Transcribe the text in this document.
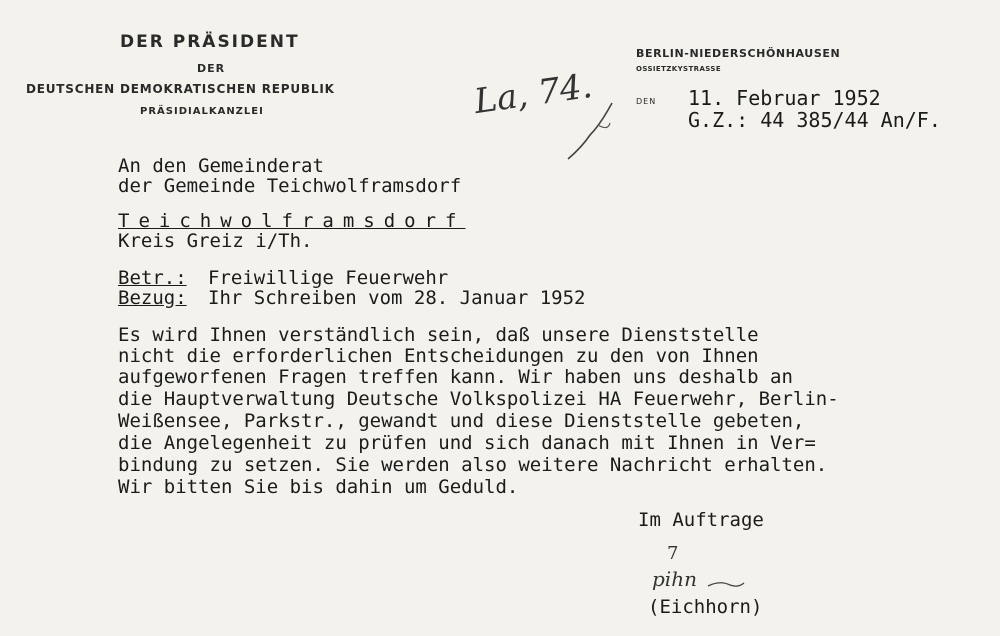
DER PRÄSIDENT
DER
DEUTSCHEN DEMOKRATISCHEN REPUBLIK
PRÄSIDIALKANZLEI
BERLIN-NIEDERSCHÖNHAUSEN
OSSIETZKYSTRASSE
DEN
La, 74.	11. Februar 1952
G.Z.: 44 385/44 An/F.
An den Gemeinderat
der Gemeinde Teichwolframsdorf
Teichwolframsdorf
Kreis Greiz i/Th.
Betr.: Freiwillige Feuerwehr
Bezug: Ihr Schreiben vom 28. Januar 1952
Es wird Ihnen verständlich sein, daß unsere Dienststelle
nicht die erforderlichen Entscheidungen zu den von Ihnen
aufgeworfenen Fragen treffen kann. Wir haben uns deshalb an
die Hauptverwaltung Deutsche Volkspolizei HA Feuerwehr, Berlin-
Weißensee, Parkstr., gewandt und diese Dienststelle gebeten,
die Angelegenheit zu prüfen und sich danach mit Ihnen in Ver=
bindung zu setzen. Sie werden also weitere Nachricht erhalten.
Wir bitten Sie bis dahin um Geduld.
Im Auftrage
7
pihn
(Eichhorn)
